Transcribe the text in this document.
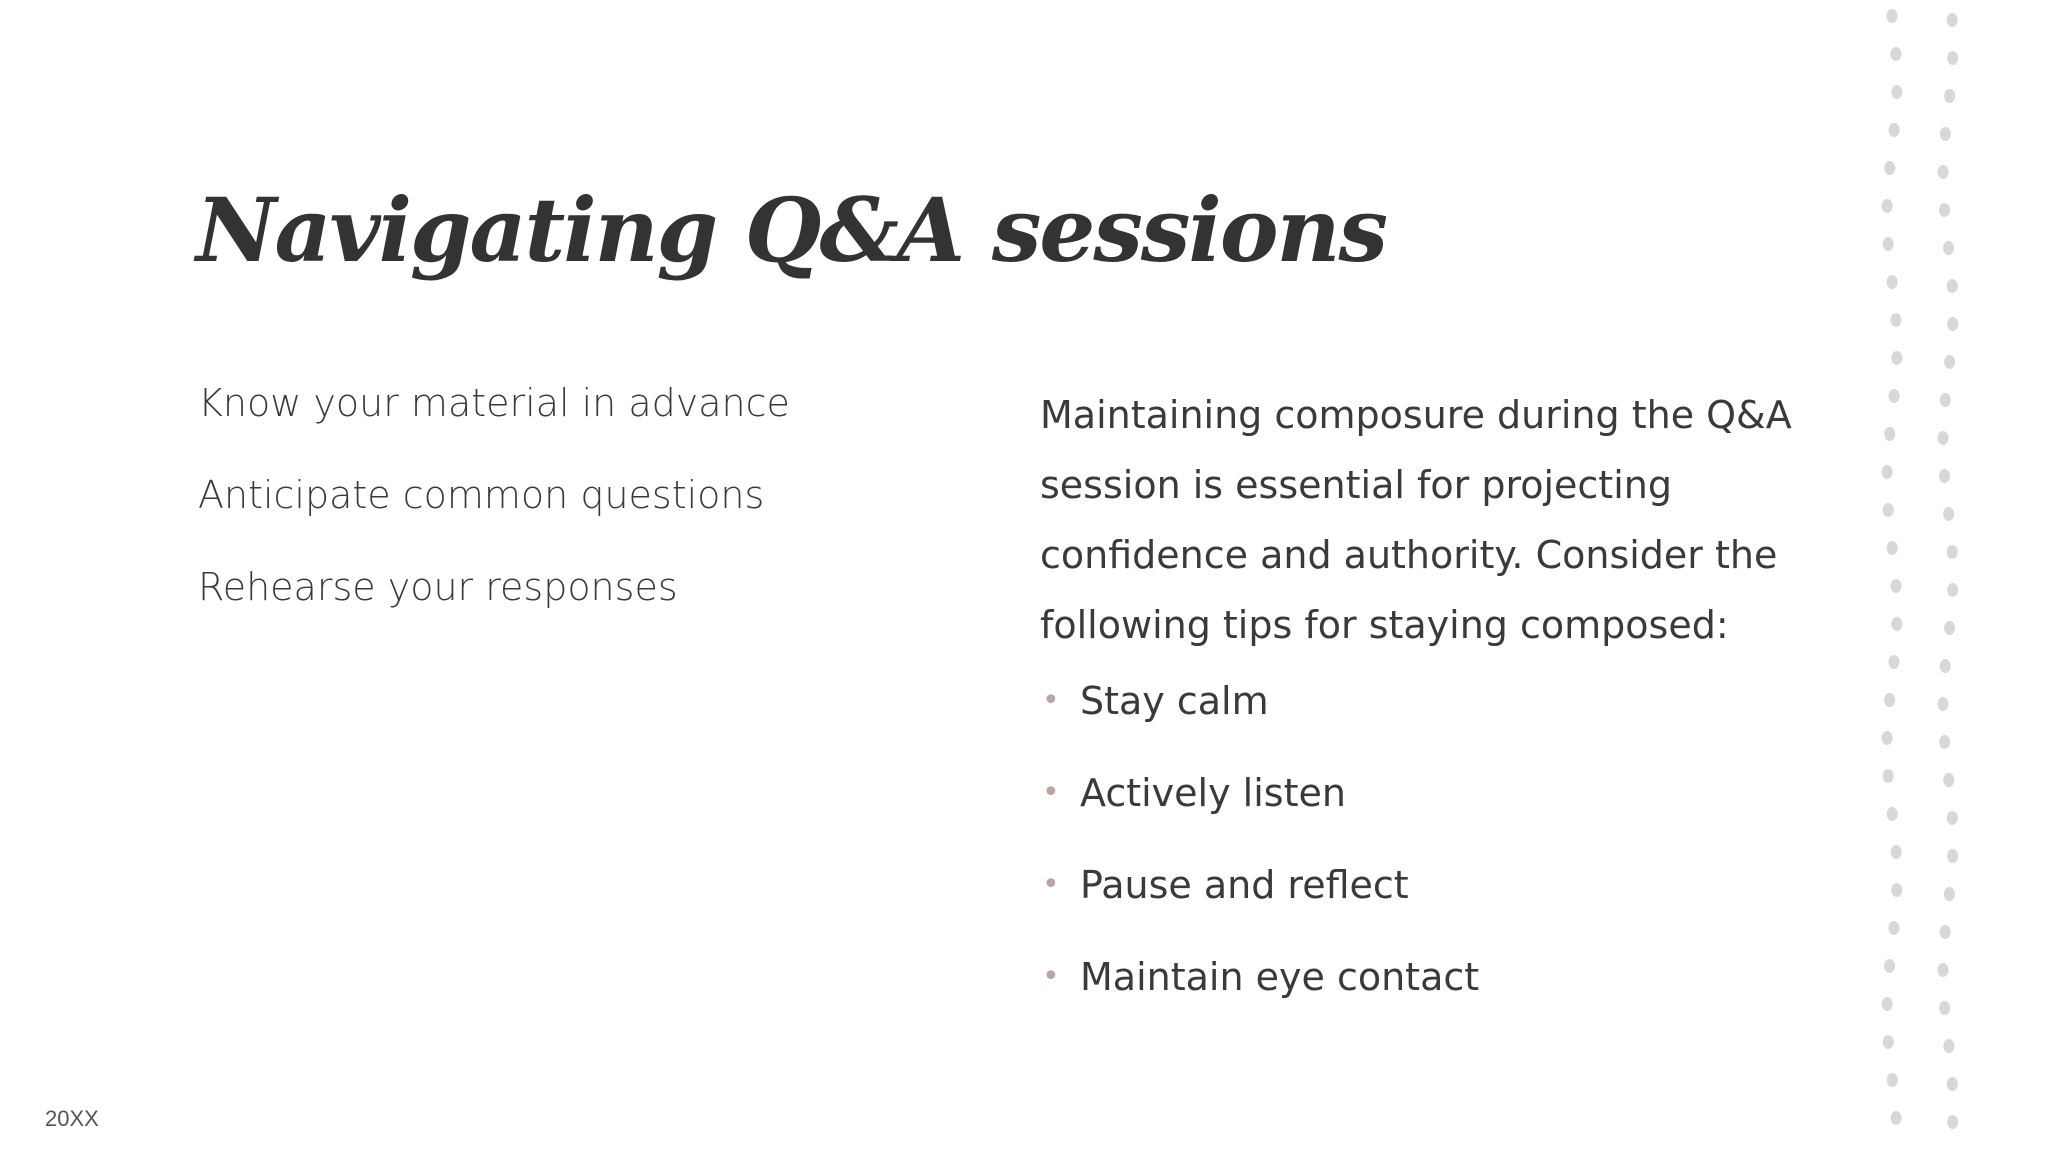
Navigating Q&A sessions

Know your material in advance

Anticipate common questions

Rehearse your responses

Maintaining composure during the Q&A session is essential for projecting confidence and authority. Consider the following tips for staying composed:

• Stay calm
• Actively listen
• Pause and reflect
• Maintain eye contact
20XX
